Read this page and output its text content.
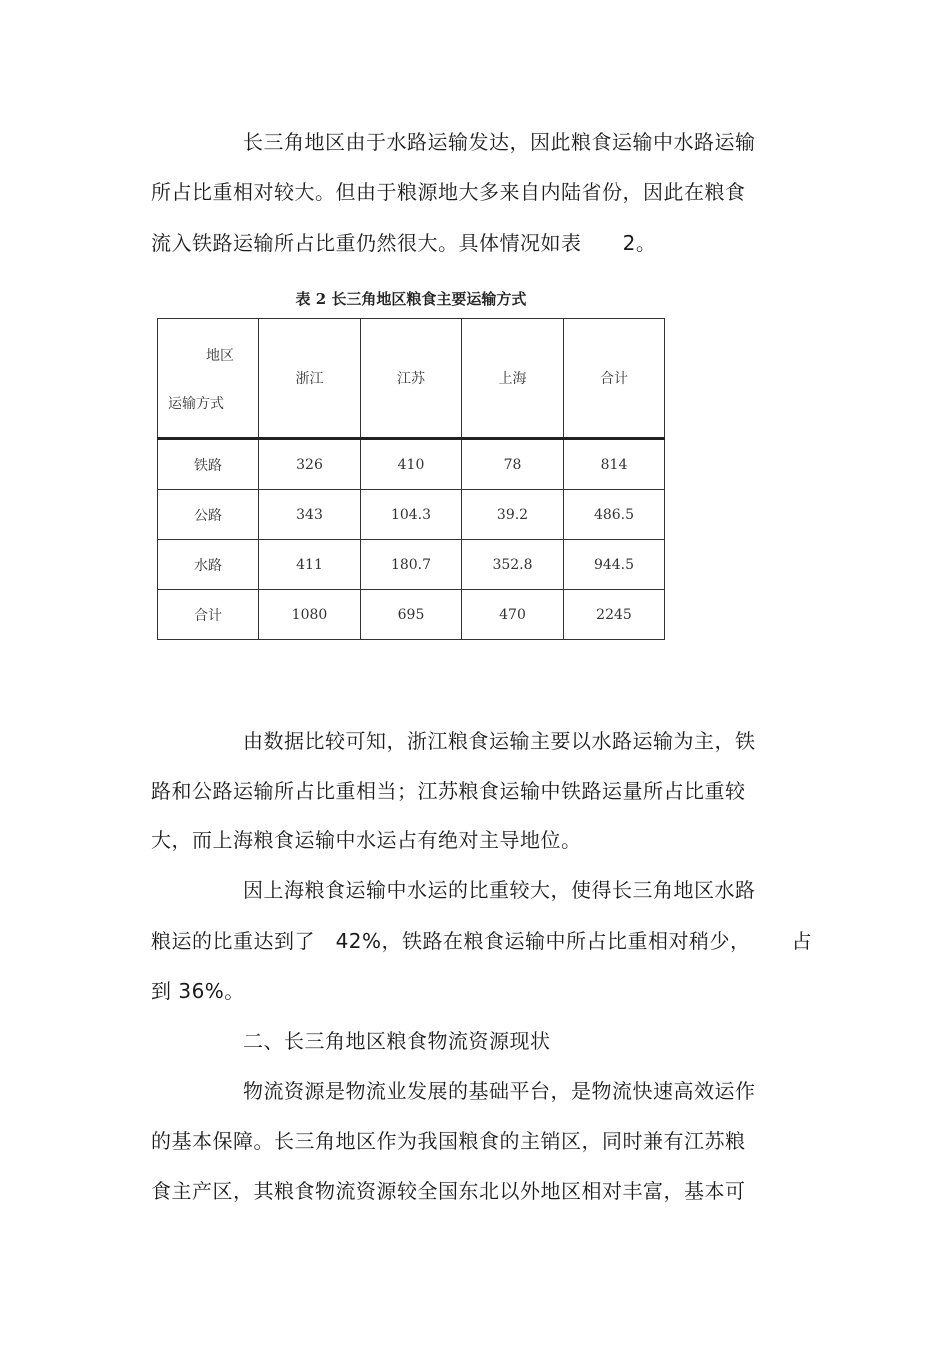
长三角地区由于水路运输发达，因此粮食运输中水路运输
所占比重相对较大。但由于粮源地大多来自内陆省份，因此在粮食
流入铁路运输所占比重仍然很大。具体情况如表      2。
表 2 长三角地区粮食主要运输方式
地区
运输方式	浙江	江苏	上海	合计
铁路	326	410	78	814
公路	343	104.3	39.2	486.5
水路	411	180.7	352.8	944.5
合计	1080	695	470	2245
由数据比较可知，浙江粮食运输主要以水路运输为主，铁
路和公路运输所占比重相当；江苏粮食运输中铁路运量所占比重较
大，而上海粮食运输中水运占有绝对主导地位。
因上海粮食运输中水运的比重较大，使得长三角地区水路
粮运的比重达到了   42%，铁路在粮食运输中所占比重相对稍少，      占
到 36%。
二、长三角地区粮食物流资源现状
物流资源是物流业发展的基础平台，是物流快速高效运作
的基本保障。长三角地区作为我国粮食的主销区，同时兼有江苏粮
食主产区，其粮食物流资源较全国东北以外地区相对丰富，基本可
